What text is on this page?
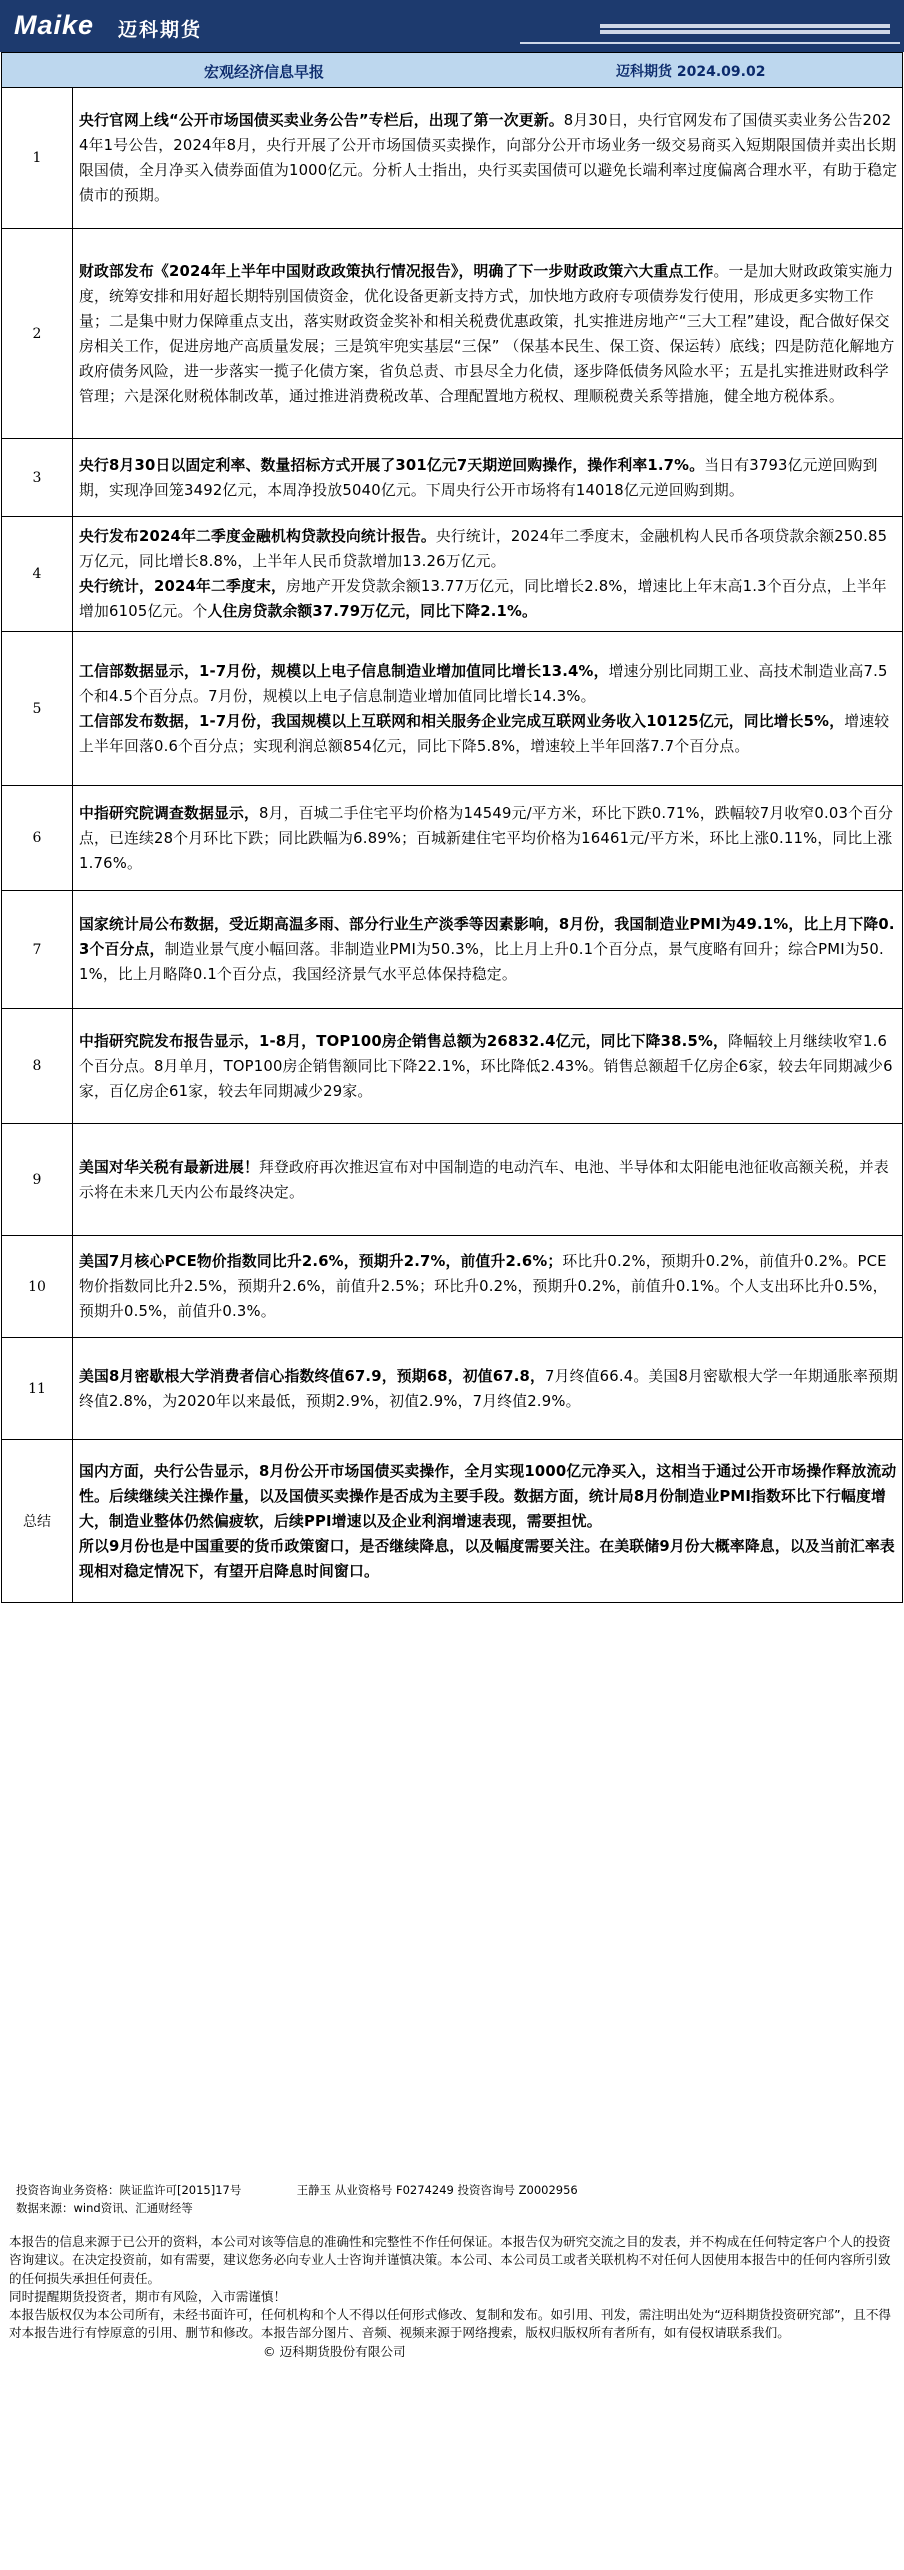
Maike 迈科期货
宏观经济信息早报	迈科期货 2024.09.02
1

央行官网上线“公开市场国债买卖业务公告”专栏后，出现了第一次更新。8月30日，央行官网发布了国债买卖业务公告2024年1号公告，2024年8月，央行开展了公开市场国债买卖操作，向部分公开市场业务一级交易商买入短期限国债并卖出长期限国债，全月净买入债券面值为1000亿元。分析人士指出，央行买卖国债可以避免长端利率过度偏离合理水平，有助于稳定债市的预期。

2

财政部发布《2024年上半年中国财政政策执行情况报告》，明确了下一步财政政策六大重点工作。一是加大财政政策实施力度，统筹安排和用好超长期特别国债资金，优化设备更新支持方式，加快地方政府专项债券发行使用，形成更多实物工作量；二是集中财力保障重点支出，落实财政资金奖补和相关税费优惠政策，扎实推进房地产“三大工程”建设，配合做好保交房相关工作，促进房地产高质量发展；三是筑牢兜实基层“三保” （保基本民生、保工资、保运转）底线；四是防范化解地方政府债务风险，进一步落实一揽子化债方案，省负总责、市县尽全力化债，逐步降低债务风险水平；五是扎实推进财政科学管理；六是深化财税体制改革，通过推进消费税改革、合理配置地方税权、理顺税费关系等措施，健全地方税体系。

3

央行8月30日以固定利率、数量招标方式开展了301亿元7天期逆回购操作，操作利率1.7%。当日有3793亿元逆回购到期，实现净回笼3492亿元，本周净投放5040亿元。下周央行公开市场将有14018亿元逆回购到期。

4

央行发布2024年二季度金融机构贷款投向统计报告。央行统计，2024年二季度末，金融机构人民币各项贷款余额250.85万亿元，同比增长8.8%，上半年人民币贷款增加13.26万亿元。

央行统计，2024年二季度末，房地产开发贷款余额13.77万亿元，同比增长2.8%，增速比上年末高1.3个百分点，上半年增加6105亿元。个人住房贷款余额37.79万亿元，同比下降2.1%。

5

工信部数据显示，1-7月份，规模以上电子信息制造业增加值同比增长13.4%，增速分别比同期工业、高技术制造业高7.5个和4.5个百分点。7月份，规模以上电子信息制造业增加值同比增长14.3%。

工信部发布数据，1-7月份，我国规模以上互联网和相关服务企业完成互联网业务收入10125亿元，同比增长5%，增速较上半年回落0.6个百分点；实现利润总额854亿元，同比下降5.8%，增速较上半年回落7.7个百分点。

6

中指研究院调查数据显示，8月，百城二手住宅平均价格为14549元/平方米，环比下跌0.71%，跌幅较7月收窄0.03个百分点，已连续28个月环比下跌；同比跌幅为6.89%；百城新建住宅平均价格为16461元/平方米，环比上涨0.11%，同比上涨1.76%。

7

国家统计局公布数据，受近期高温多雨、部分行业生产淡季等因素影响，8月份，我国制造业PMI为49.1%，比上月下降0.3个百分点，制造业景气度小幅回落。非制造业PMI为50.3%，比上月上升0.1个百分点，景气度略有回升；综合PMI为50.1%，比上月略降0.1个百分点，我国经济景气水平总体保持稳定。

8

中指研究院发布报告显示，1-8月，TOP100房企销售总额为26832.4亿元，同比下降38.5%，降幅较上月继续收窄1.6个百分点。8月单月，TOP100房企销售额同比下降22.1%，环比降低2.43%。销售总额超千亿房企6家，较去年同期减少6家，百亿房企61家，较去年同期减少29家。

9

美国对华关税有最新进展！拜登政府再次推迟宣布对中国制造的电动汽车、电池、半导体和太阳能电池征收高额关税，并表示将在未来几天内公布最终决定。

10

美国7月核心PCE物价指数同比升2.6%，预期升2.7%，前值升2.6%；环比升0.2%，预期升0.2%，前值升0.2%。PCE物价指数同比升2.5%，预期升2.6%，前值升2.5%；环比升0.2%，预期升0.2%，前值升0.1%。个人支出环比升0.5%，预期升0.5%，前值升0.3%。

11

美国8月密歇根大学消费者信心指数终值67.9，预期68，初值67.8，7月终值66.4。美国8月密歇根大学一年期通胀率预期终值2.8%，为2020年以来最低，预期2.9%，初值2.9%，7月终值2.9%。

总结

国内方面，央行公告显示，8月份公开市场国债买卖操作，全月实现1000亿元净买入，这相当于通过公开市场操作释放流动性。后续继续关注操作量，以及国债买卖操作是否成为主要手段。数据方面，统计局8月份制造业PMI指数环比下行幅度增大，制造业整体仍然偏疲软，后续PPI增速以及企业利润增速表现，需要担忧。

所以9月份也是中国重要的货币政策窗口，是否继续降息，以及幅度需要关注。在美联储9月份大概率降息，以及当前汇率表现相对稳定情况下，有望开启降息时间窗口。

投资咨询业务资格：陕证监许可[2015]17号	王静玉 从业资格号 F0274249 投资咨询号 Z0002956
数据来源：wind资讯、汇通财经等

本报告的信息来源于已公开的资料，本公司对该等信息的准确性和完整性不作任何保证。本报告仅为研究交流之目的发表，并不构成在任何特定客户个人的投资咨询建议。在决定投资前，如有需要，建议您务必向专业人士咨询并谨慎决策。本公司、本公司员工或者关联机构不对任何人因使用本报告中的任何内容所引致的任何损失承担任何责任。

同时提醒期货投资者，期市有风险，入市需谨慎！

本报告版权仅为本公司所有，未经书面许可，任何机构和个人不得以任何形式修改、复制和发布。如引用、刊发，需注明出处为“迈科期货投资研究部”，且不得对本报告进行有悖原意的引用、删节和修改。本报告部分图片、音频、视频来源于网络搜索，版权归版权所有者所有，如有侵权请联系我们。

© 迈科期货股份有限公司
